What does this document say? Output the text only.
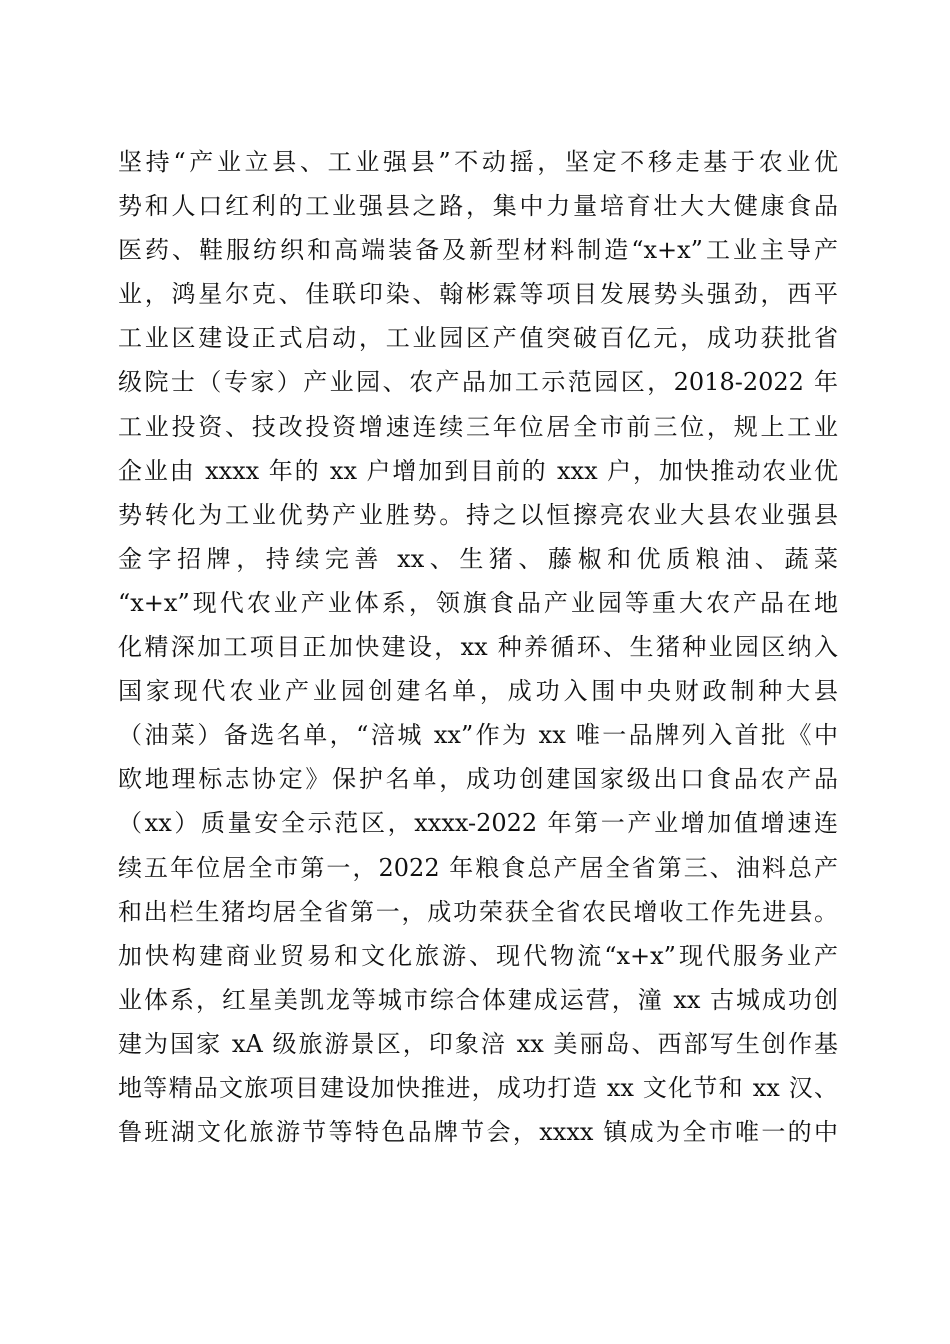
坚持“产业立县、工业强县”不动摇，坚定不移走基于农业优
势和人口红利的工业强县之路，集中力量培育壮大大健康食品
医药、鞋服纺织和高端装备及新型材料制造“x+x”工业主导产
业，鸿星尔克、佳联印染、翰彬霖等项目发展势头强劲，西平
工业区建设正式启动，工业园区产值突破百亿元，成功获批省
级院士（专家）产业园、农产品加工示范园区，2018-2022 年
工业投资、技改投资增速连续三年位居全市前三位，规上工业
企业由 xxxx 年的 xx 户增加到目前的 xxx 户，加快推动农业优
势转化为工业优势产业胜势。持之以恒擦亮农业大县农业强县
金字招牌，持续完善 xx、生猪、藤椒和优质粮油、蔬菜
“x+x”现代农业产业体系，领旗食品产业园等重大农产品在地
化精深加工项目正加快建设，xx 种养循环、生猪种业园区纳入
国家现代农业产业园创建名单，成功入围中央财政制种大县
（油菜）备选名单，“涪城 xx”作为 xx 唯一品牌列入首批《中
欧地理标志协定》保护名单，成功创建国家级出口食品农产品
（xx）质量安全示范区，xxxx-2022 年第一产业增加值增速连
续五年位居全市第一，2022 年粮食总产居全省第三、油料总产
和出栏生猪均居全省第一，成功荣获全省农民增收工作先进县。
加快构建商业贸易和文化旅游、现代物流“x+x”现代服务业产
业体系，红星美凯龙等城市综合体建成运营，潼 xx 古城成功创
建为国家 xA 级旅游景区，印象涪 xx 美丽岛、西部写生创作基
地等精品文旅项目建设加快推进，成功打造 xx 文化节和 xx 汉、
鲁班湖文化旅游节等特色品牌节会，xxxx 镇成为全市唯一的中
